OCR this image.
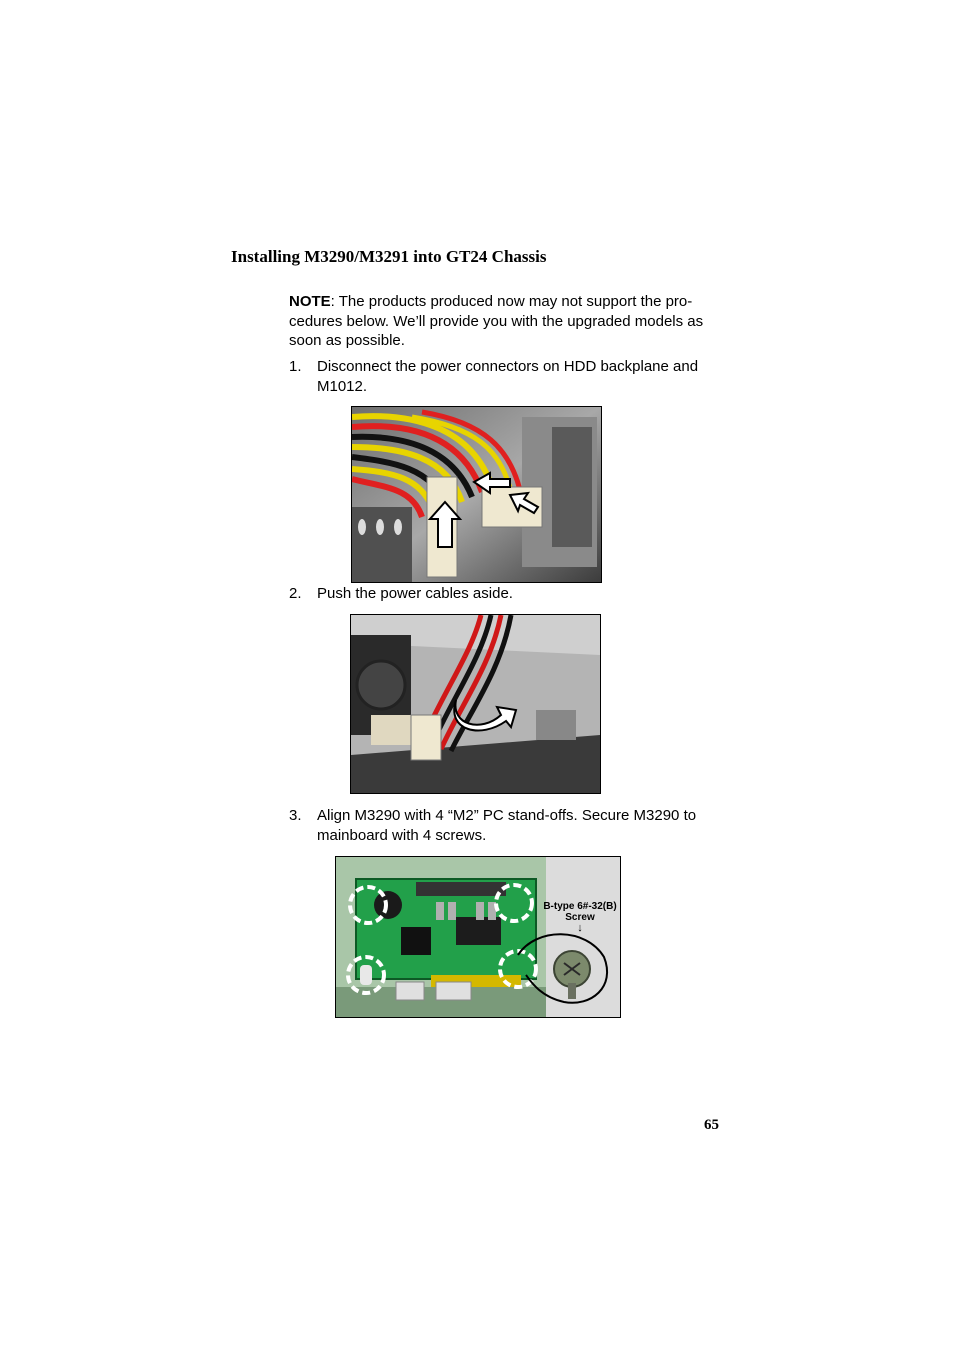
Installing M3290/M3291 into GT24 Chassis
NOTE: The products produced now may not support the pro- cedures below. We’ll provide you with the upgraded models as soon as possible.
1. Disconnect the power connectors on HDD backplane and M1012.
2. Push the power cables aside.
3. Align M3290 with 4 “M2” PC stand-offs. Secure M3290 to mainboard with 4 screws.
B-type 6#-32(B)
Screw
↓

65
